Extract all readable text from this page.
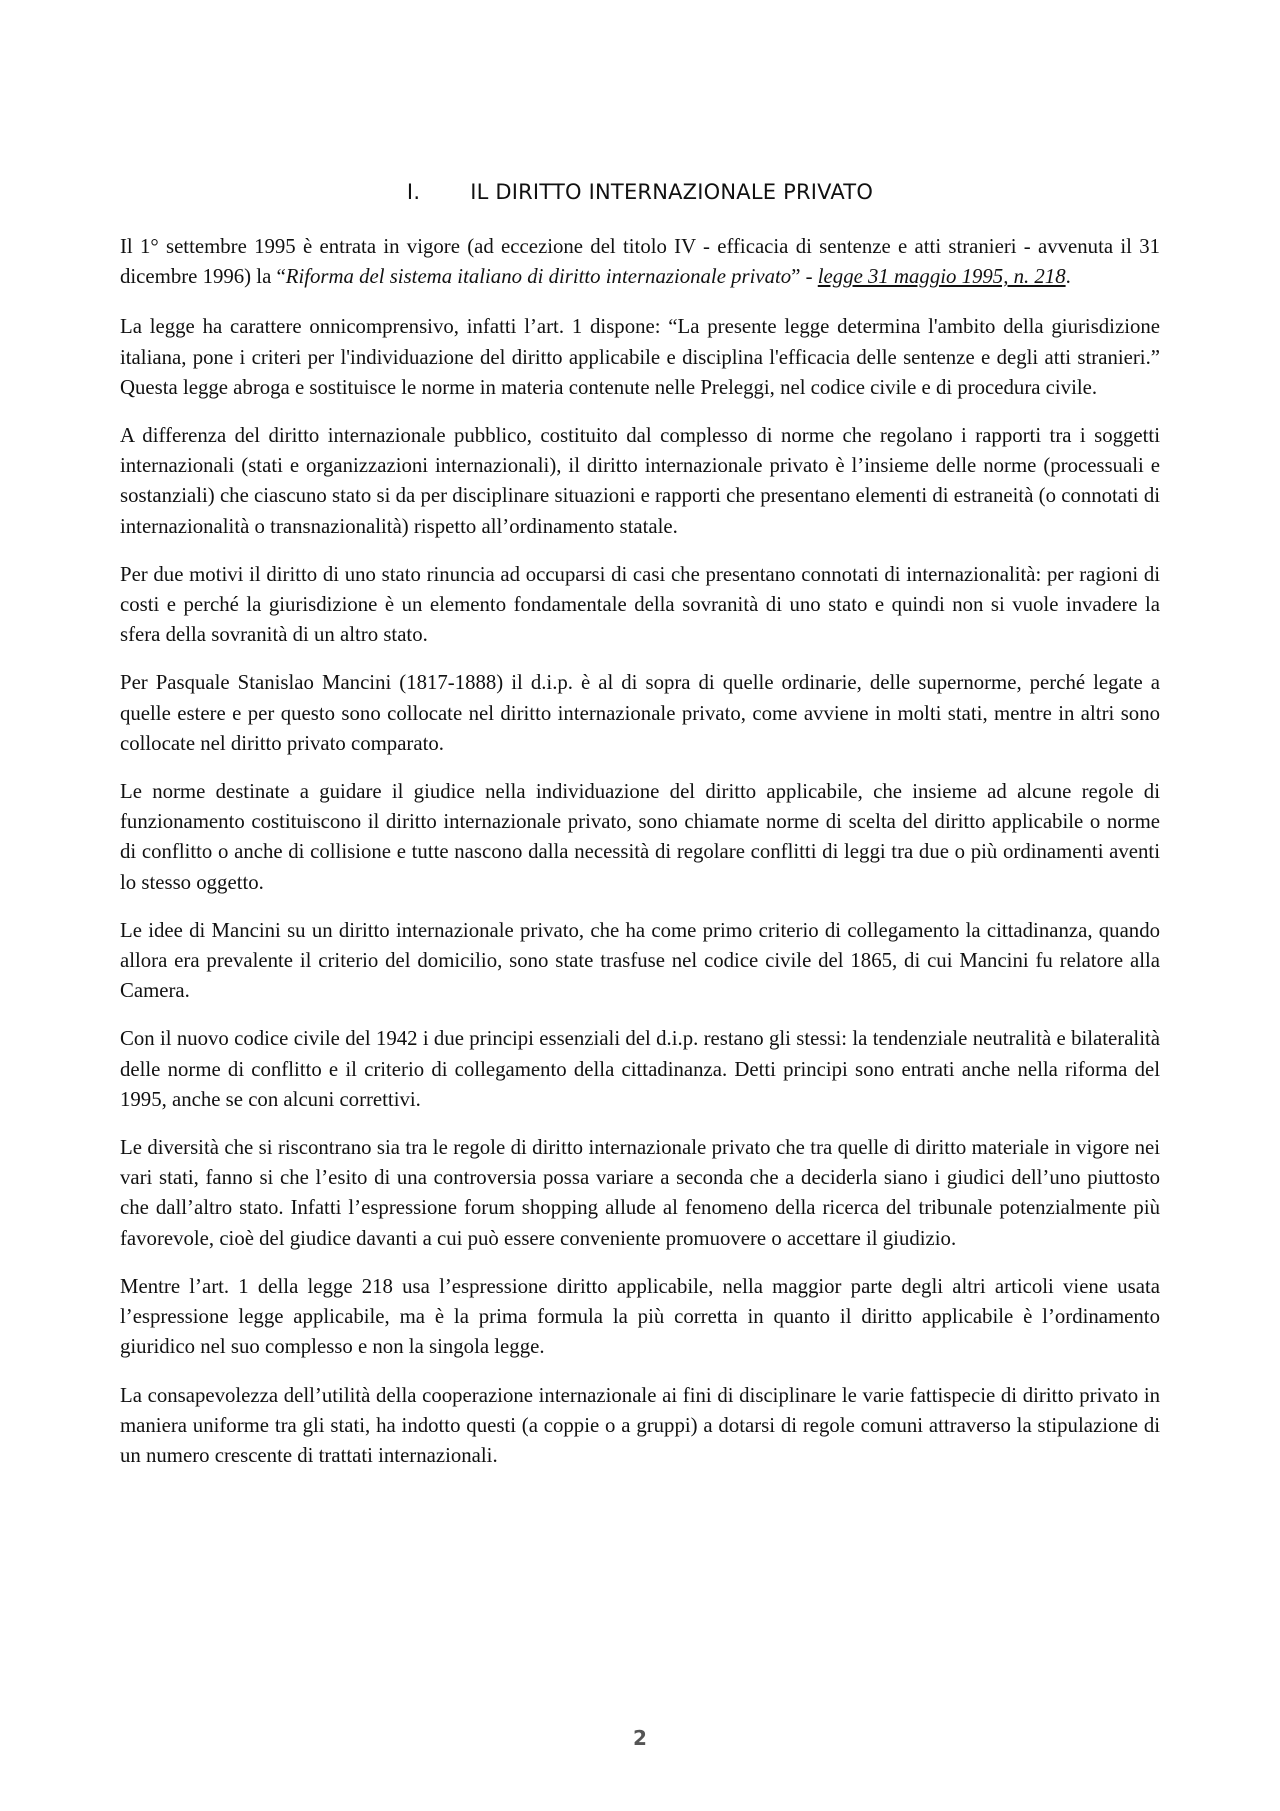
I. IL DIRITTO INTERNAZIONALE PRIVATO

Il 1° settembre 1995 è entrata in vigore (ad eccezione del titolo IV - efficacia di sentenze e atti stranieri - avvenuta il 31 dicembre 1996) la “Riforma del sistema italiano di diritto internazionale privato” - legge 31 maggio 1995, n. 218.

La legge ha carattere onnicomprensivo, infatti l’art. 1 dispone: “La presente legge determina l'ambito della giurisdizione italiana, pone i criteri per l'individuazione del diritto applicabile e disciplina l'efficacia delle sentenze e degli atti stranieri.” Questa legge abroga e sostituisce le norme in materia contenute nelle Preleggi, nel codice civile e di procedura civile.

A differenza del diritto internazionale pubblico, costituito dal complesso di norme che regolano i rapporti tra i soggetti internazionali (stati e organizzazioni internazionali), il diritto internazionale privato è l’insieme delle norme (processuali e sostanziali) che ciascuno stato si da per disciplinare situazioni e rapporti che presentano elementi di estraneità (o connotati di internazionalità o transnazionalità) rispetto all’ordinamento statale.

Per due motivi il diritto di uno stato rinuncia ad occuparsi di casi che presentano connotati di internazionalità: per ragioni di costi e perché la giurisdizione è un elemento fondamentale della sovranità di uno stato e quindi non si vuole invadere la sfera della sovranità di un altro stato.

Per Pasquale Stanislao Mancini (1817-1888) il d.i.p. è al di sopra di quelle ordinarie, delle supernorme, perché legate a quelle estere e per questo sono collocate nel diritto internazionale privato, come avviene in molti stati, mentre in altri sono collocate nel diritto privato comparato.

Le norme destinate a guidare il giudice nella individuazione del diritto applicabile, che insieme ad alcune regole di funzionamento costituiscono il diritto internazionale privato, sono chiamate norme di scelta del diritto applicabile o norme di conflitto o anche di collisione e tutte nascono dalla necessità di regolare conflitti di leggi tra due o più ordinamenti aventi lo stesso oggetto.

Le idee di Mancini su un diritto internazionale privato, che ha come primo criterio di collegamento la cittadinanza, quando allora era prevalente il criterio del domicilio, sono state trasfuse nel codice civile del 1865, di cui Mancini fu relatore alla Camera.

Con il nuovo codice civile del 1942 i due principi essenziali del d.i.p. restano gli stessi: la tendenziale neutralità e bilateralità delle norme di conflitto e il criterio di collegamento della cittadinanza. Detti principi sono entrati anche nella riforma del 1995, anche se con alcuni correttivi.

Le diversità che si riscontrano sia tra le regole di diritto internazionale privato che tra quelle di diritto materiale in vigore nei vari stati, fanno si che l’esito di una controversia possa variare a seconda che a deciderla siano i giudici dell’uno piuttosto che dall’altro stato. Infatti l’espressione forum shopping allude al fenomeno della ricerca del tribunale potenzialmente più favorevole, cioè del giudice davanti a cui può essere conveniente promuovere o accettare il giudizio.

Mentre l’art. 1 della legge 218 usa l’espressione diritto applicabile, nella maggior parte degli altri articoli viene usata l’espressione legge applicabile, ma è la prima formula la più corretta in quanto il diritto applicabile è l’ordinamento giuridico nel suo complesso e non la singola legge.

La consapevolezza dell’utilità della cooperazione internazionale ai fini di disciplinare le varie fattispecie di diritto privato in maniera uniforme tra gli stati, ha indotto questi (a coppie o a gruppi) a dotarsi di regole comuni attraverso la stipulazione di un numero crescente di trattati internazionali.

2
